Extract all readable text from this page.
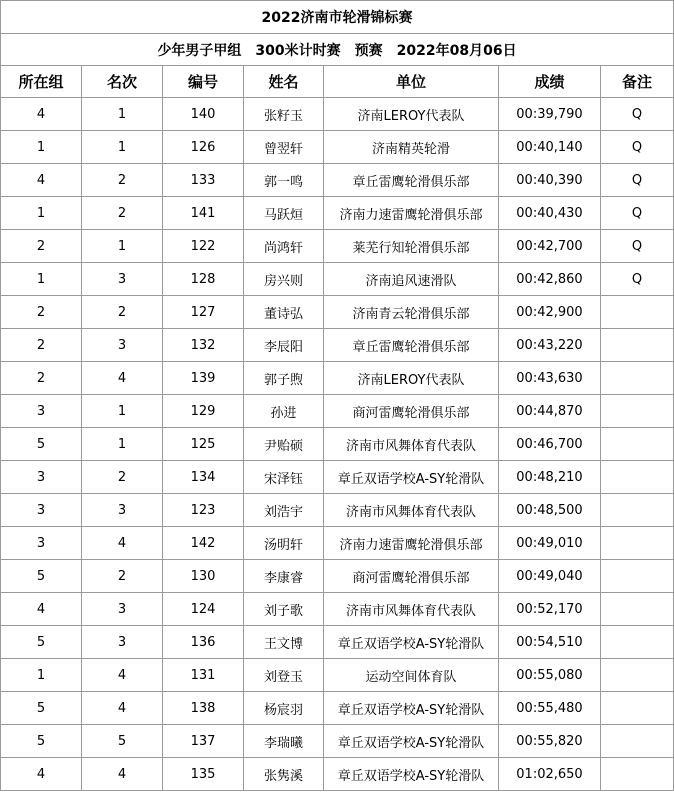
2022济南市轮滑锦标赛						
少年男子甲组　300米计时赛　预赛　2022年08月06日						
所在组	名次	编号	姓名	单位	成绩	备注
4	1	140	张籽玉	济南LEROY代表队	00:39,790	Q
1	1	126	曾翌轩	济南精英轮滑	00:40,140	Q
4	2	133	郭一鸣	章丘雷鹰轮滑俱乐部	00:40,390	Q
1	2	141	马跃烜	济南力速雷鹰轮滑俱乐部	00:40,430	Q
2	1	122	尚鸿轩	莱芜行知轮滑俱乐部	00:42,700	Q
1	3	128	房兴则	济南追风速滑队	00:42,860	Q
2	2	127	董诗弘	济南青云轮滑俱乐部	00:42,900	
2	3	132	李辰阳	章丘雷鹰轮滑俱乐部	00:43,220	
2	4	139	郭子煦	济南LEROY代表队	00:43,630	
3	1	129	孙进	商河雷鹰轮滑俱乐部	00:44,870	
5	1	125	尹贻硕	济南市风舞体育代表队	00:46,700	
3	2	134	宋泽钰	章丘双语学校A-SY轮滑队	00:48,210	
3	3	123	刘浩宇	济南市风舞体育代表队	00:48,500	
3	4	142	汤明轩	济南力速雷鹰轮滑俱乐部	00:49,010	
5	2	130	李康睿	商河雷鹰轮滑俱乐部	00:49,040	
4	3	124	刘子歌	济南市风舞体育代表队	00:52,170	
5	3	136	王文博	章丘双语学校A-SY轮滑队	00:54,510	
1	4	131	刘登玉	运动空间体育队	00:55,080	
5	4	138	杨宸羽	章丘双语学校A-SY轮滑队	00:55,480	
5	5	137	李瑞曦	章丘双语学校A-SY轮滑队	00:55,820	
4	4	135	张隽溪	章丘双语学校A-SY轮滑队	01:02,650	
